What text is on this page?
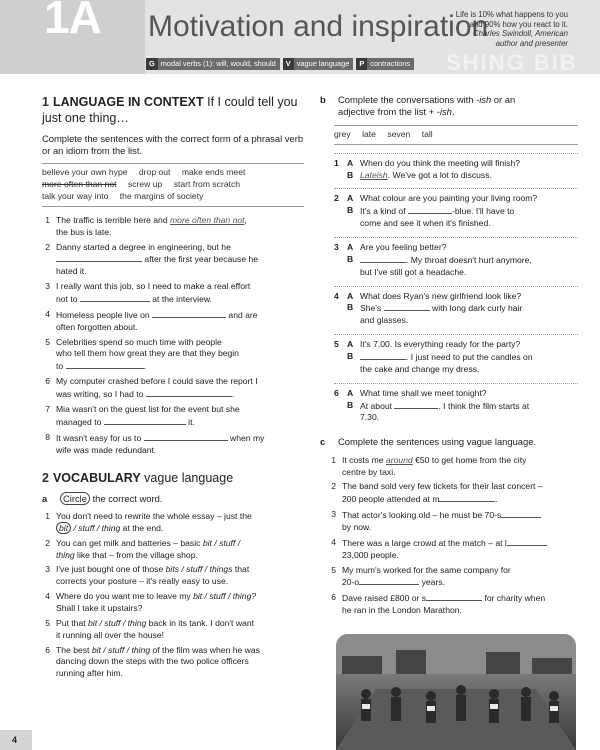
1A Motivation and inspiration
SHING BIB
Life is 10% what happens to you
and 90% how you react to it.
Charles Swindoll, American
author and presenter
G modal verbs (1): will, would, should	V vague language	P contractions
1 LANGUAGE IN CONTEXT If I could tell you just one thing…
Complete the sentences with the correct form of a phrasal verb or an idiom from the list.
believe your own hype drop out make ends meet more often than not screw up start from scratch talk your way into the margins of society
1 The traffic is terrible here and more often than not,
the bus is late.
2 Danny started a degree in engineering, but he
after the first year because he
hated it.
3 I really want this job, so I need to make a real effort
not to	at the interview.
4 Homeless people live on	and are
often forgotten about.
5 Celebrities spend so much time with people
who tell them how great they are that they begin
to	.
6 My computer crashed before I could save the report I
was writing, so I had to	.
7 Mia wasn't on the guest list for the event but she
managed to	it.
8 It wasn't easy for us to	when my
wife was made redundant.
2 VOCABULARY vague language
a	Circle the correct word.
1 You don't need to rewrite the whole essay – just the
bit / stuff / thing at the end.
2 You can get milk and batteries – basic bit / stuff /
thing like that – from the village shop.
3 I've just bought one of those bits / stuff / things that
corrects your posture – it's really easy to use.
4 Where do you want me to leave my bit / stuff / thing?
Shall I take it upstairs?
5 Put that bit / stuff / thing back in its tank. I don't want
it running all over the house!
6 The best bit / stuff / thing of the film was when he was
dancing down the steps with the two police officers
running after him.
b	Complete the conversations with -ish or an
adjective from the list + -ish.
grey late seven tall
1 A When do you think the meeting will finish?
B Lateish. We've got a lot to discuss.
2 A What colour are you painting your living room?
B It's a kind of	-blue. I'll have to
come and see it when it's finished.
3 A Are you feeling better?
B	. My throat doesn't hurt anymore,
but I've still got a headache.
4 A What does Ryan's new girlfriend look like?
B She's	with long dark curly hair
and glasses.
5 A It's 7.00. Is everything ready for the party?
B	. I just need to put the candles on
the cake and change my dress.
6 A What time shall we meet tonight?
B At about	. I think the film starts at
7.30.
c	Complete the sentences using vague language.
1 It costs me around €50 to get home from the city
centre by taxi.
2 The band sold very few tickets for their last concert –
200 people attended at m	.
3 That actor's looking old – he must be 70-s
by now.
4 There was a large crowd at the match – at l
23,000 people.
5 My mum's worked for the same company for
20-o	years.
6 Dave raised £800 or s	for charity when
he ran in the London Marathon.
4
